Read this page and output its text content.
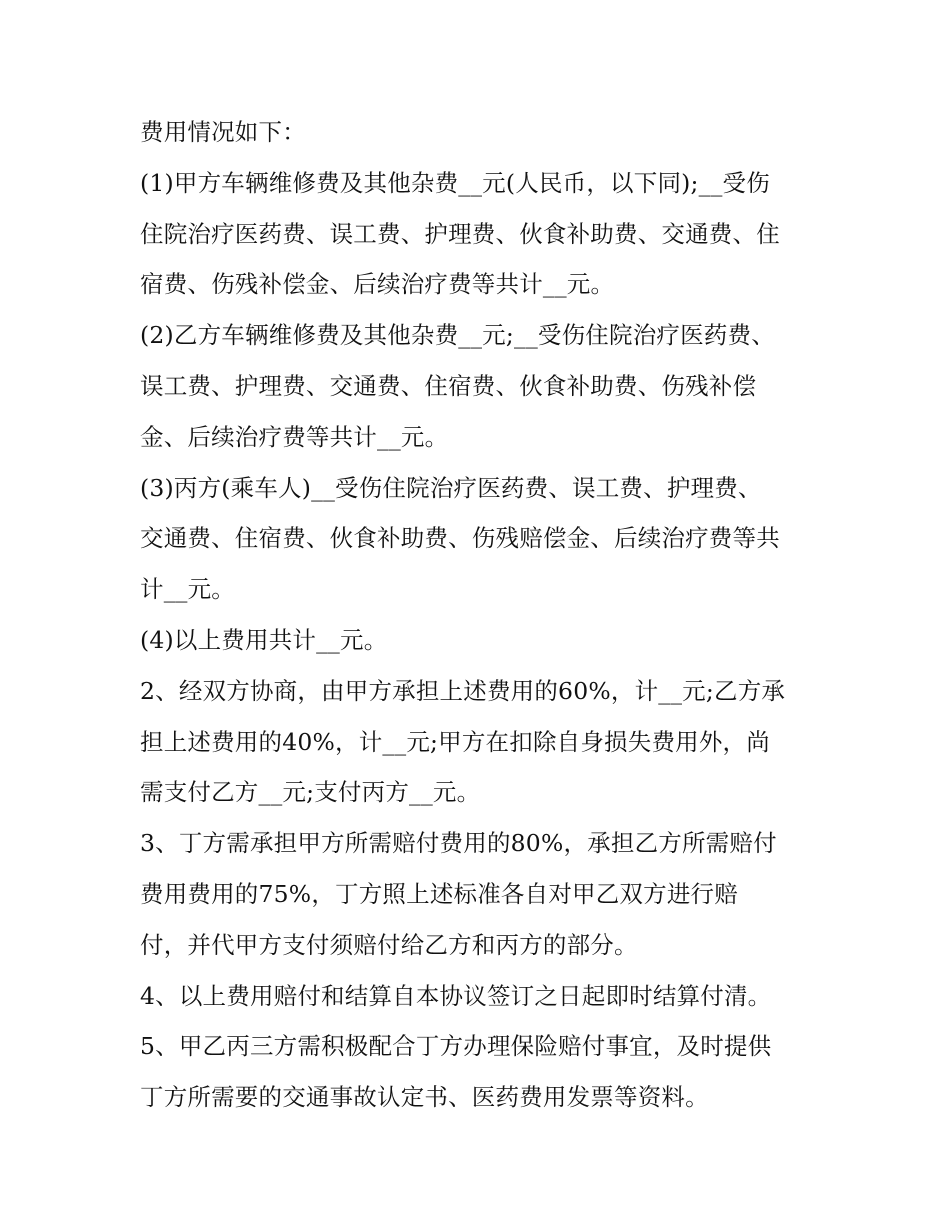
费用情况如下：
(1)甲方车辆维修费及其他杂费__元(人民币，以下同);__受伤
住院治疗医药费、误工费、护理费、伙食补助费、交通费、住
宿费、伤残补偿金、后续治疗费等共计__元。
(2)乙方车辆维修费及其他杂费__元;__受伤住院治疗医药费、
误工费、护理费、交通费、住宿费、伙食补助费、伤残补偿
金、后续治疗费等共计__元。
(3)丙方(乘车人)__受伤住院治疗医药费、误工费、护理费、
交通费、住宿费、伙食补助费、伤残赔偿金、后续治疗费等共
计__元。
(4)以上费用共计__元。
2、经双方协商，由甲方承担上述费用的60%，计__元;乙方承
担上述费用的40%，计__元;甲方在扣除自身损失费用外，尚
需支付乙方__元;支付丙方__元。
3、丁方需承担甲方所需赔付费用的80%，承担乙方所需赔付
费用费用的75%，丁方照上述标准各自对甲乙双方进行赔
付，并代甲方支付须赔付给乙方和丙方的部分。
4、以上费用赔付和结算自本协议签订之日起即时结算付清。
5、甲乙丙三方需积极配合丁方办理保险赔付事宜，及时提供
丁方所需要的交通事故认定书、医药费用发票等资料。
